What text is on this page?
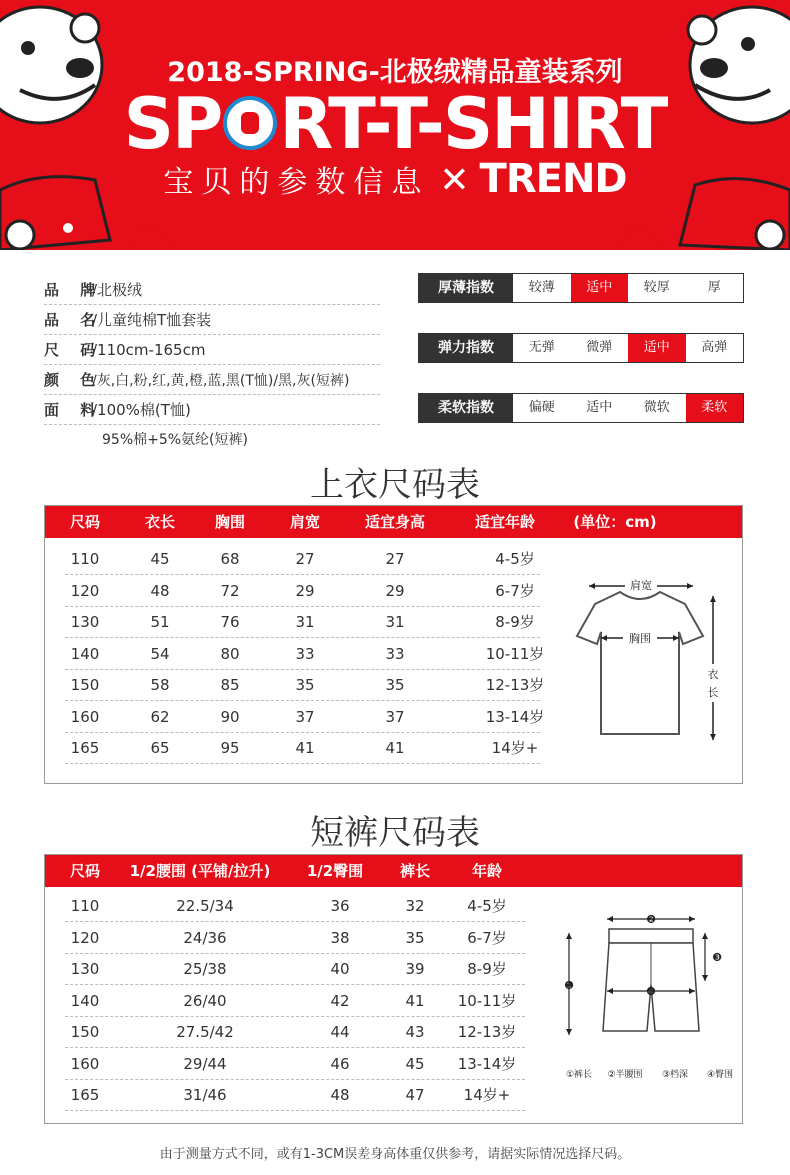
2018-SPRING-北极绒精品童装系列
SP RT-T-SHIRT
宝贝的参数信息 ✕ TREND
品 牌/北极绒
品 名/儿童纯棉T恤套装
尺 码/110cm-165cm
颜 色/灰,白,粉,红,黄,橙,蓝,黑(T恤)/黑,灰(短裤)
面 料/100%棉(T恤)
95%棉+5%氨纶(短裤)
厚薄指数	较薄	适中	较厚	厚
弹力指数	无弹	微弹	适中	高弹
柔软指数	偏硬	适中	微软	柔软
上衣尺码表
尺码	衣长	胸围	肩宽	适宜身高	适宜年龄	(单位：cm)
110	45	68	27	27	4-5岁
120	48	72	29	29	6-7岁
130	51	76	31	31	8-9岁
140	54	80	33	33	10-11岁
150	58	85	35	35	12-13岁
160	62	90	37	37	13-14岁
165	65	95	41	41	14岁+
肩宽
胸围
衣
长
短裤尺码表
尺码	1/2腰围 (平铺/拉升)	1/2臀围	裤长	年龄
110	22.5/34	36	32	4-5岁
120	24/36	38	35	6-7岁
130	25/38	40	39	8-9岁
140	26/40	42	41	10-11岁
150	27.5/42	44	43	12-13岁
160	29/44	46	45	13-14岁
165	31/46	48	47	14岁+
❷
❶
❸
❹
①裤长 ②半腰围 ③档深 ④臀围
由于测量方式不同，或有1-3CM误差身高体重仅供参考，请据实际情况选择尺码。
